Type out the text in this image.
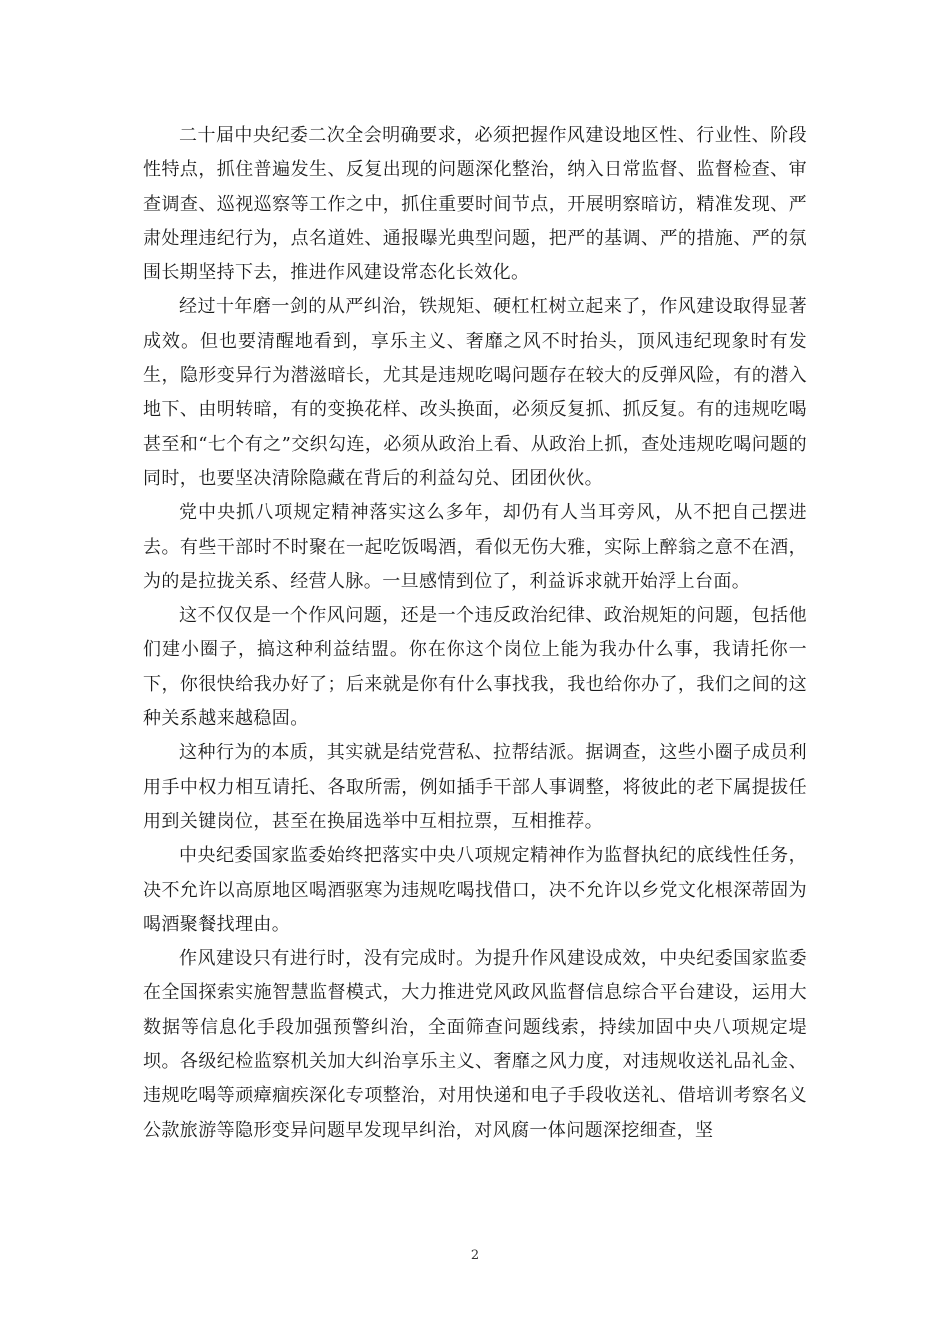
二十届中央纪委二次全会明确要求，必须把握作风建设地区性、行业性、阶段性特点，抓住普遍发生、反复出现的问题深化整治，纳入日常监督、监督检查、审查调查、巡视巡察等工作之中，抓住重要时间节点，开展明察暗访，精准发现、严肃处理违纪行为，点名道姓、通报曝光典型问题，把严的基调、严的措施、严的氛围长期坚持下去，推进作风建设常态化长效化。

经过十年磨一剑的从严纠治，铁规矩、硬杠杠树立起来了，作风建设取得显著成效。但也要清醒地看到，享乐主义、奢靡之风不时抬头，顶风违纪现象时有发生，隐形变异行为潜滋暗长，尤其是违规吃喝问题存在较大的反弹风险，有的潜入地下、由明转暗，有的变换花样、改头换面，必须反复抓、抓反复。有的违规吃喝甚至和“七个有之”交织勾连，必须从政治上看、从政治上抓，查处违规吃喝问题的同时，也要坚决清除隐藏在背后的利益勾兑、团团伙伙。

党中央抓八项规定精神落实这么多年，却仍有人当耳旁风，从不把自己摆进去。有些干部时不时聚在一起吃饭喝酒，看似无伤大雅，实际上醉翁之意不在酒，为的是拉拢关系、经营人脉。一旦感情到位了，利益诉求就开始浮上台面。

这不仅仅是一个作风问题，还是一个违反政治纪律、政治规矩的问题，包括他们建小圈子，搞这种利益结盟。你在你这个岗位上能为我办什么事，我请托你一下，你很快给我办好了；后来就是你有什么事找我，我也给你办了，我们之间的这种关系越来越稳固。

这种行为的本质，其实就是结党营私、拉帮结派。据调查，这些小圈子成员利用手中权力相互请托、各取所需，例如插手干部人事调整，将彼此的老下属提拔任用到关键岗位，甚至在换届选举中互相拉票，互相推荐。

中央纪委国家监委始终把落实中央八项规定精神作为监督执纪的底线性任务，决不允许以高原地区喝酒驱寒为违规吃喝找借口，决不允许以乡党文化根深蒂固为喝酒聚餐找理由。

作风建设只有进行时，没有完成时。为提升作风建设成效，中央纪委国家监委在全国探索实施智慧监督模式，大力推进党风政风监督信息综合平台建设，运用大数据等信息化手段加强预警纠治，全面筛查问题线索，持续加固中央八项规定堤坝。各级纪检监察机关加大纠治享乐主义、奢靡之风力度，对违规收送礼品礼金、违规吃喝等顽瘴痼疾深化专项整治，对用快递和电子手段收送礼、借培训考察名义公款旅游等隐形变异问题早发现早纠治，对风腐一体问题深挖细查，坚

2
